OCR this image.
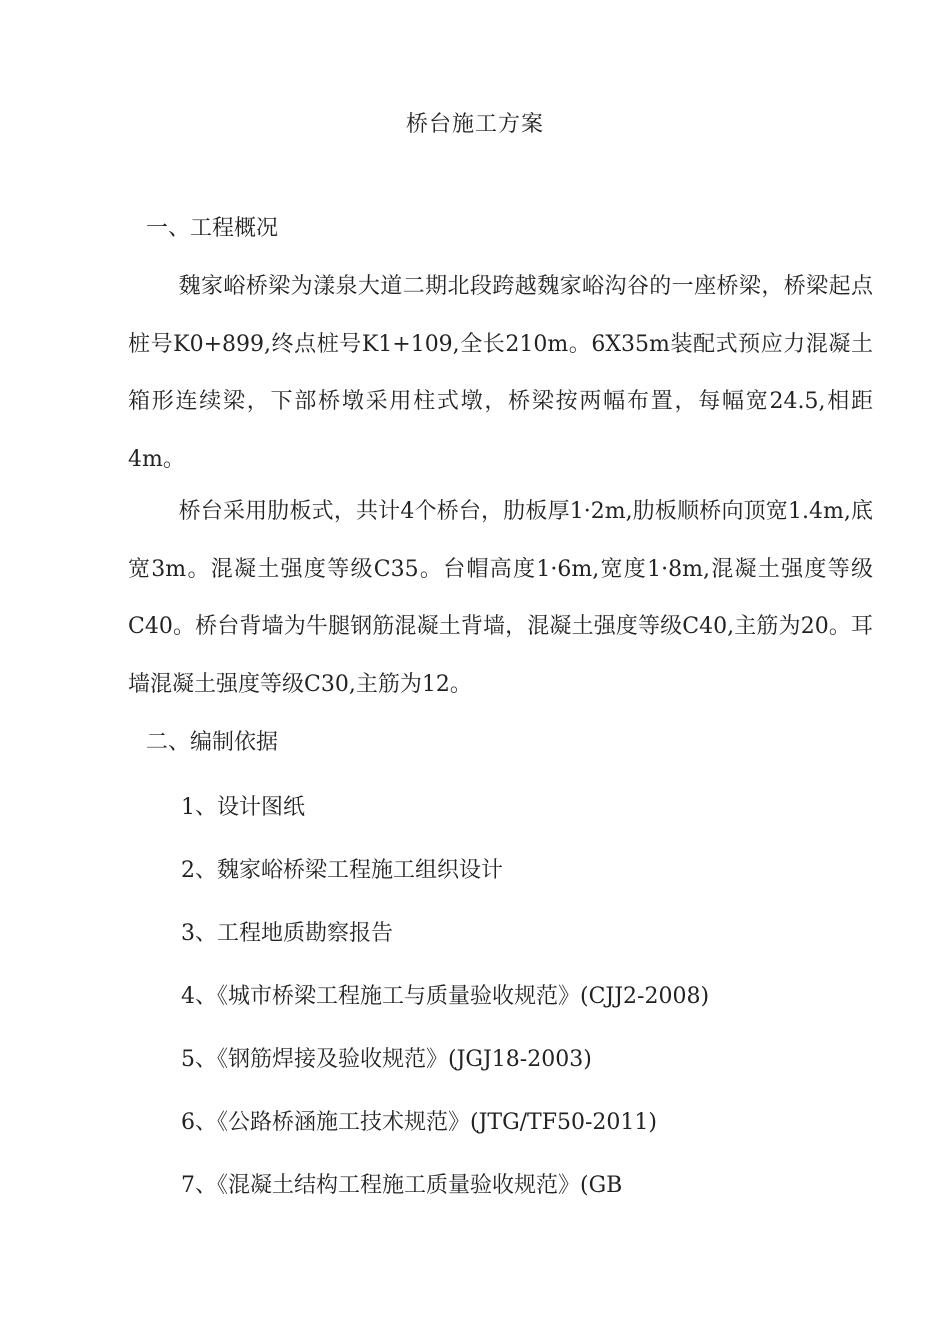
桥台施工方案
一、工程概况

魏家峪桥梁为漾泉大道二期北段跨越魏家峪沟谷的一座桥梁，桥梁起点桩号K0+899,终点桩号K1+109,全长210m。6X35m装配式预应力混凝土箱形连续梁，下部桥墩采用柱式墩，桥梁按两幅布置，每幅宽24.5,相距4m。

桥台采用肋板式，共计4个桥台，肋板厚1·2m,肋板顺桥向顶宽1.4m,底宽3m。混凝土强度等级C35。台帽高度1·6m,宽度1·8m,混凝土强度等级C40。桥台背墙为牛腿钢筋混凝土背墙，混凝土强度等级C40,主筋为20。耳墙混凝土强度等级C30,主筋为12。

二、编制依据
1、设计图纸
2、魏家峪桥梁工程施工组织设计
3、工程地质勘察报告
4、《城市桥梁工程施工与质量验收规范》(CJJ2-2008)
5、《钢筋焊接及验收规范》(JGJ18-2003)
6、《公路桥涵施工技术规范》(JTG/TF50-2011)
7、《混凝土结构工程施工质量验收规范》(GB
